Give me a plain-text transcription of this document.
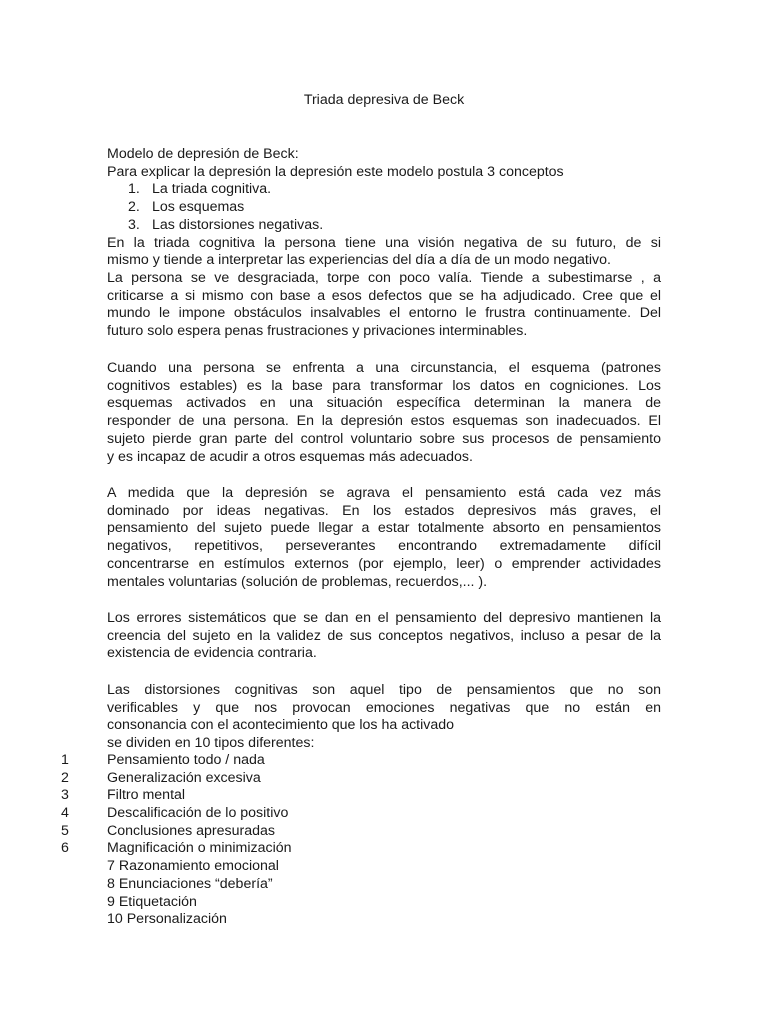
Triada depresiva de Beck
Modelo de depresión de Beck:
Para explicar la depresión la depresión este modelo postula 3 conceptos
1. La triada cognitiva.
2. Los esquemas
3. Las distorsiones negativas.
En la triada cognitiva la persona tiene una visión negativa de su futuro, de si
mismo y tiende a interpretar las experiencias del día a día de un modo negativo.
La persona se ve desgraciada, torpe con poco valía. Tiende a subestimarse , a
criticarse a si mismo con base a esos defectos que se ha adjudicado. Cree que el
mundo le impone obstáculos insalvables el entorno le frustra continuamente. Del
futuro solo espera penas frustraciones y privaciones interminables.
Cuando una persona se enfrenta a una circunstancia, el esquema (patrones
cognitivos estables) es la base para transformar los datos en cogniciones. Los
esquemas activados en una situación específica determinan la manera de
responder de una persona. En la depresión estos esquemas son inadecuados. El
sujeto pierde gran parte del control voluntario sobre sus procesos de pensamiento
y es incapaz de acudir a otros esquemas más adecuados.
A medida que la depresión se agrava el pensamiento está cada vez más
dominado por ideas negativas. En los estados depresivos más graves, el
pensamiento del sujeto puede llegar a estar totalmente absorto en pensamientos
negativos, repetitivos, perseverantes encontrando extremadamente difícil
concentrarse en estímulos externos (por ejemplo, leer) o emprender actividades
mentales voluntarias (solución de problemas, recuerdos,... ).
Los errores sistemáticos que se dan en el pensamiento del depresivo mantienen la
creencia del sujeto en la validez de sus conceptos negativos, incluso a pesar de la
existencia de evidencia contraria.
Las distorsiones cognitivas son aquel tipo de pensamientos que no son
verificables y que nos provocan emociones negativas que no están en
consonancia con el acontecimiento que los ha activado
se dividen en 10 tipos diferentes:
1	Pensamiento todo / nada
2	Generalización excesiva
3	Filtro mental
4	Descalificación de lo positivo
5	Conclusiones apresuradas
6	Magnificación o minimización
7 Razonamiento emocional
8 Enunciaciones “debería”
9 Etiquetación
10 Personalización
